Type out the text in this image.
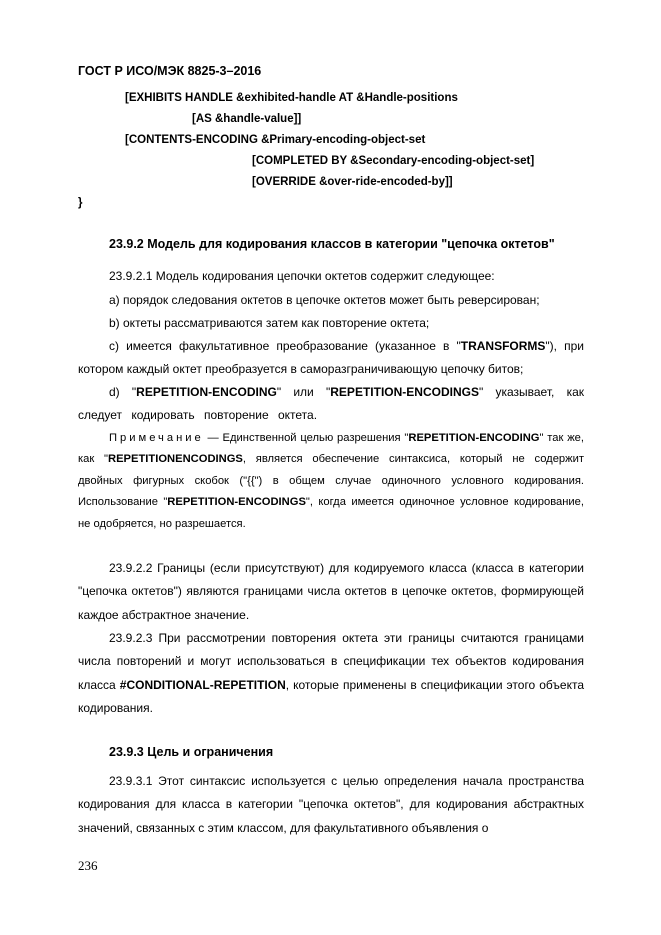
ГОСТ Р ИСО/МЭК 8825-3–2016
[EXHIBITS HANDLE &exhibited-handle AT &Handle-positions
[AS &handle-value]]
[CONTENTS-ENCODING &Primary-encoding-object-set
[COMPLETED BY &Secondary-encoding-object-set]
[OVERRIDE &over-ride-encoded-by]]
}
23.9.2 Модель для кодирования классов в категории "цепочка октетов"
23.9.2.1 Модель кодирования цепочки октетов содержит следующее:
a) порядок следования октетов в цепочке октетов может быть реверсирован;
b) октеты рассматриваются затем как повторение октета;
c) имеется факультативное преобразование (указанное в "TRANSFORMS"), при котором каждый октет преобразуется в саморазграничивающую цепочку битов;
d) "REPETITION-ENCODING" или "REPETITION-ENCODINGS" указывает, как следует кодировать повторение октета.
Примечание — Единственной целью разрешения "REPETITION-ENCODING" так же, как "REPETITIONENCODINGS, является обеспечение синтаксиса, который не содержит двойных фигурных скобок ("{{") в общем случае одиночного условного кодирования. Использование "REPETITION-ENCODINGS", когда имеется одиночное условное кодирование, не одобряется, но разрешается.
23.9.2.2 Границы (если присутствуют) для кодируемого класса (класса в категории "цепочка октетов") являются границами числа октетов в цепочке октетов, формирующей каждое абстрактное значение.
23.9.2.3 При рассмотрении повторения октета эти границы считаются границами числа повторений и могут использоваться в спецификации тех объектов кодирования класса #CONDITIONAL-REPETITION, которые применены в спецификации этого объекта кодирования.
23.9.3 Цель и ограничения
23.9.3.1 Этот синтаксис используется с целью определения начала пространства кодирования для класса в категории "цепочка октетов", для кодирования абстрактных значений, связанных с этим классом, для факультативного объявления о
236
